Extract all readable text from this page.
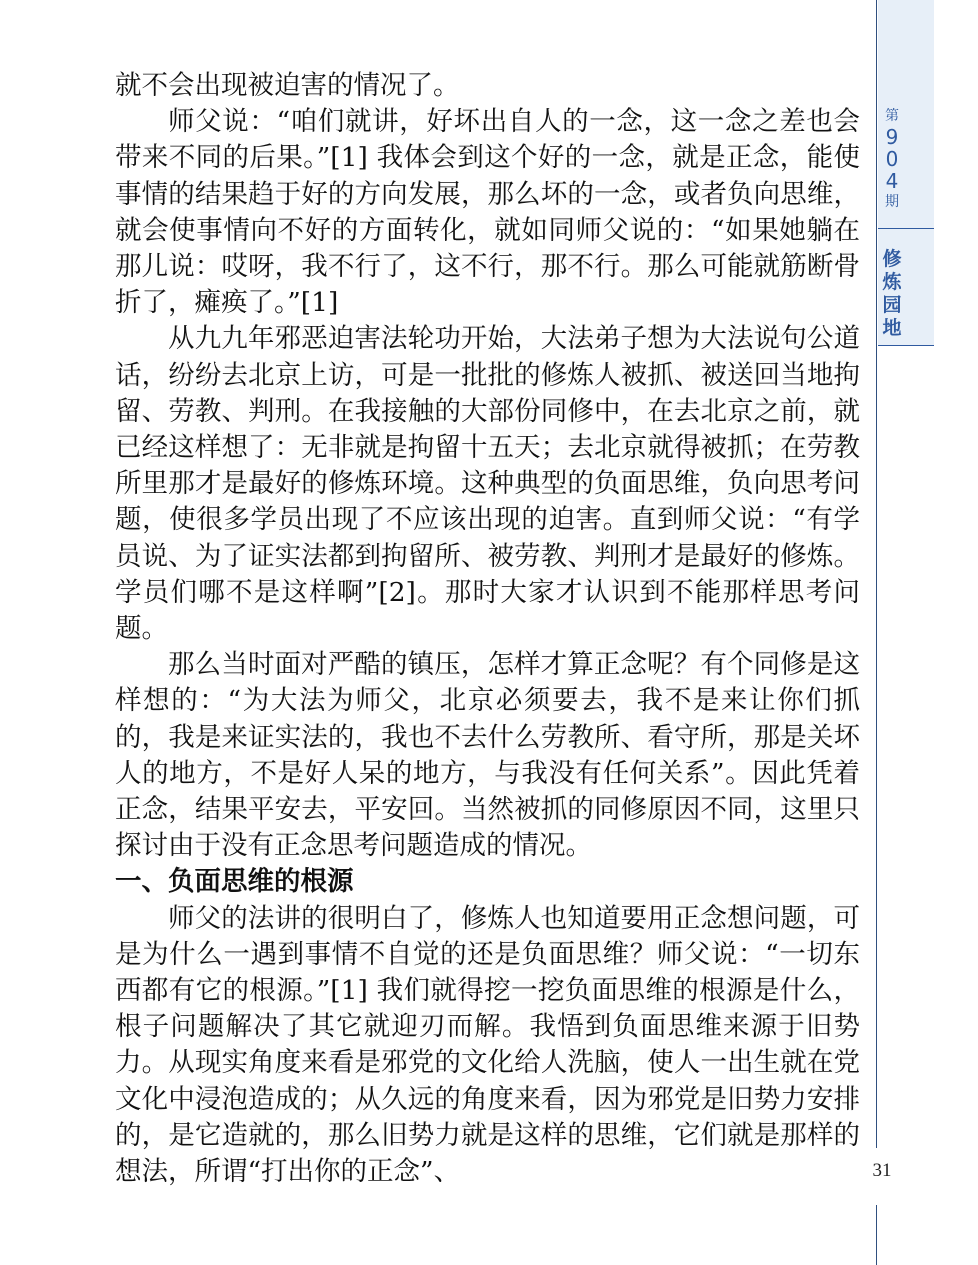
就不会出现被迫害的情况了。

师父说：“咱们就讲，好坏出自人的一念，这一念之差也会带来不同的后果。”[1] 我体会到这个好的一念，就是正念，能使事情的结果趋于好的方向发展，那么坏的一念，或者负向思维，就会使事情向不好的方面转化，就如同师父说的：“如果她躺在那儿说：哎呀，我不行了，这不行，那不行。那么可能就筋断骨折了，瘫痪了。”[1]

从九九年邪恶迫害法轮功开始，大法弟子想为大法说句公道话，纷纷去北京上访，可是一批批的修炼人被抓、被送回当地拘留、劳教、判刑。在我接触的大部份同修中，在去北京之前，就已经这样想了：无非就是拘留十五天；去北京就得被抓；在劳教所里那才是最好的修炼环境。这种典型的负面思维，负向思考问题，使很多学员出现了不应该出现的迫害。直到师父说：“有学员说、为了证实法都到拘留所、被劳教、判刑才是最好的修炼。学员们哪不是这样啊”[2]。那时大家才认识到不能那样思考问题。

那么当时面对严酷的镇压，怎样才算正念呢？有个同修是这样想的：“为大法为师父，北京必须要去，我不是来让你们抓的，我是来证实法的，我也不去什么劳教所、看守所，那是关坏人的地方，不是好人呆的地方，与我没有任何关系”。因此凭着正念，结果平安去，平安回。当然被抓的同修原因不同，这里只探讨由于没有正念思考问题造成的情况。

一、负面思维的根源

师父的法讲的很明白了，修炼人也知道要用正念想问题，可是为什么一遇到事情不自觉的还是负面思维？师父说：“一切东西都有它的根源。”[1] 我们就得挖一挖负面思维的根源是什么，根子问题解决了其它就迎刃而解。我悟到负面思维来源于旧势力。从现实角度来看是邪党的文化给人洗脑，使人一出生就在党文化中浸泡造成的；从久远的角度来看，因为邪党是旧势力安排的，是它造就的，那么旧势力就是这样的思维，它们就是那样的想法，所谓“打出你的正念”、

第
9
0
4
期
修
炼
园
地
31
